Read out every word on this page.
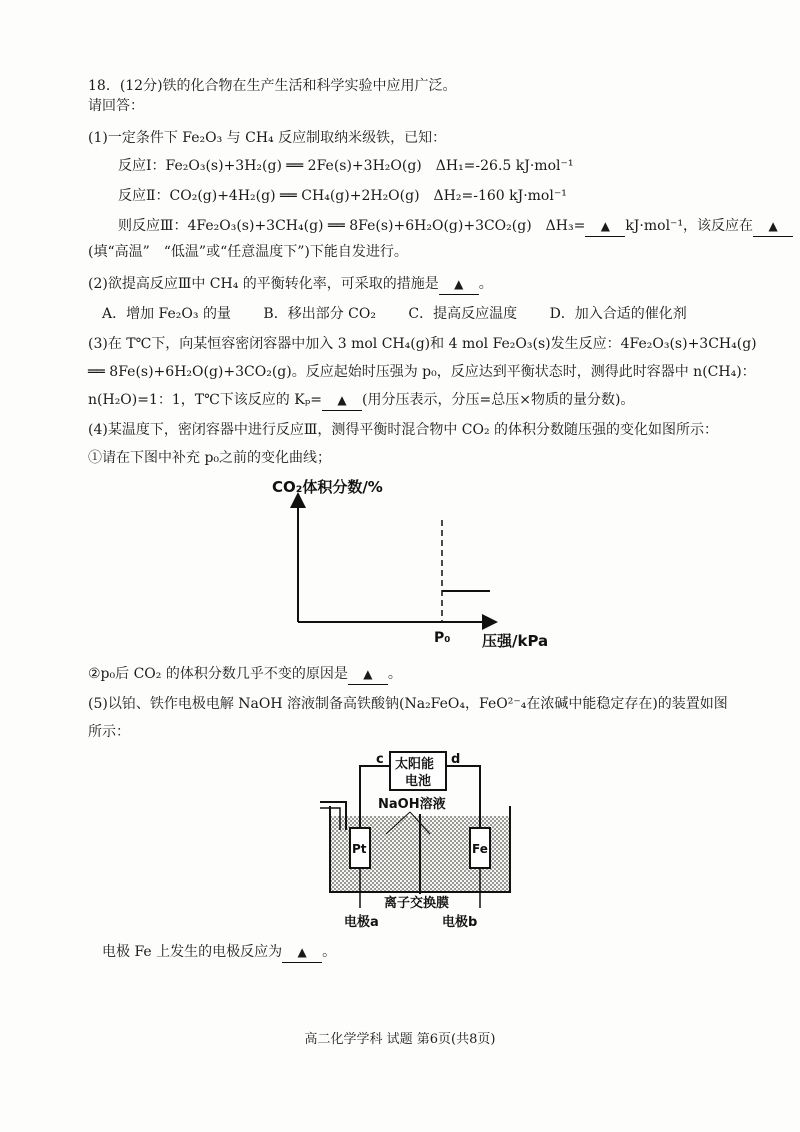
18．(12分)铁的化合物在生产生活和科学实验中应用广泛。
请回答：
(1)一定条件下 Fe₂O₃ 与 CH₄ 反应制取纳米级铁，已知：
反应Ⅰ：Fe₂O₃(s)+3H₂(g) ══ 2Fe(s)+3H₂O(g)　ΔH₁=-26.5 kJ·mol⁻¹
反应Ⅱ：CO₂(g)+4H₂(g) ══ CH₄(g)+2H₂O(g)　ΔH₂=-160 kJ·mol⁻¹
则反应Ⅲ：4Fe₂O₃(s)+3CH₄(g) ══ 8Fe(s)+6H₂O(g)+3CO₂(g)　ΔH₃= ▲ kJ·mol⁻¹，该反应在 ▲
(填“高温”　“低温”或“任意温度下”)下能自发进行。
(2)欲提高反应Ⅲ中 CH₄ 的平衡转化率，可采取的措施是 ▲ 。
A．增加 Fe₂O₃ 的量 B．移出部分 CO₂ C．提高反应温度 D．加入合适的催化剂
(3)在 T℃下，向某恒容密闭容器中加入 3 mol CH₄(g)和 4 mol Fe₂O₃(s)发生反应：4Fe₂O₃(s)+3CH₄(g)
══ 8Fe(s)+6H₂O(g)+3CO₂(g)。反应起始时压强为 p₀，反应达到平衡状态时，测得此时容器中 n(CH₄)：
n(H₂O)=1：1，T℃下该反应的 Kₚ= ▲ (用分压表示，分压=总压×物质的量分数)。
(4)某温度下，密闭容器中进行反应Ⅲ，测得平衡时混合物中 CO₂ 的体积分数随压强的变化如图所示：
①请在下图中补充 p₀之前的变化曲线；
CO₂体积分数/%
P₀ 压强/kPa
②p₀后 CO₂ 的体积分数几乎不变的原因是 ▲ 。
(5)以铂、铁作电极电解 NaOH 溶液制备高铁酸钠(Na₂FeO₄，FeO²⁻₄在浓碱中能稳定存在)的装置如图
所示：
太阳能
电池
c	d
NaOH溶液
Pt	Fe
离子交换膜
电极a	电极b
电极 Fe 上发生的电极反应为 ▲ 。
高二化学学科 试题 第6页(共8页)
